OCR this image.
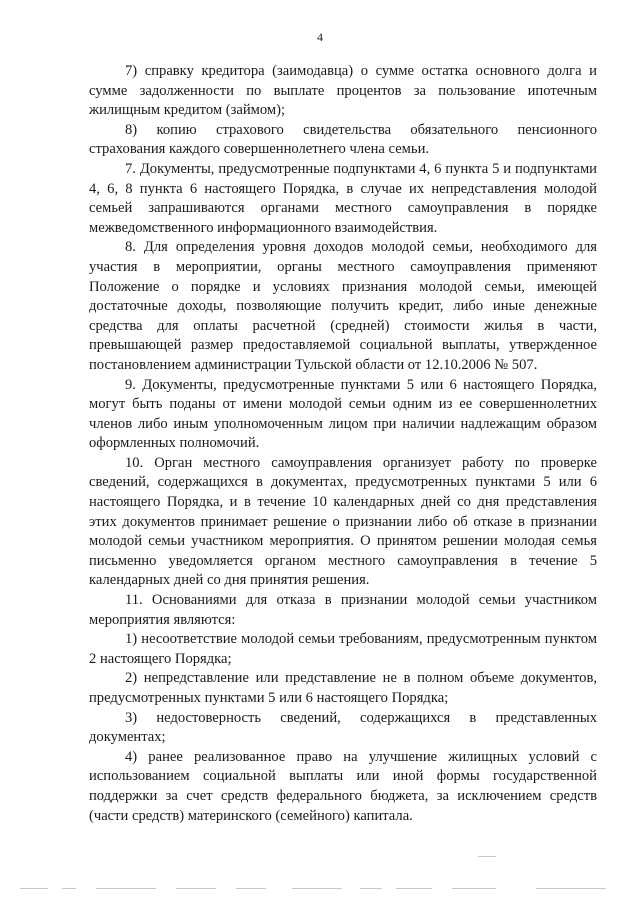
4

7) справку кредитора (заимодавца) о сумме остатка основного долга и сумме задолженности по выплате процентов за пользование ипотечным жилищным кредитом (займом);

8) копию страхового свидетельства обязательного пенсионного страхования каждого совершеннолетнего члена семьи.

7. Документы, предусмотренные подпунктами 4, 6 пункта 5 и подпунктами 4, 6, 8 пункта 6 настоящего Порядка, в случае их непредставления молодой семьей запрашиваются органами местного самоуправления в порядке межведомственного информационного взаимодействия.

8. Для определения уровня доходов молодой семьи, необходимого для участия в мероприятии, органы местного самоуправления применяют Положение о порядке и условиях признания молодой семьи, имеющей достаточные доходы, позволяющие получить кредит, либо иные денежные средства для оплаты расчетной (средней) стоимости жилья в части, превышающей размер предоставляемой социальной выплаты, утвержденное постановлением администрации Тульской области от 12.10.2006 № 507.

9. Документы, предусмотренные пунктами 5 или 6 настоящего Порядка, могут быть поданы от имени молодой семьи одним из ее совершеннолетних членов либо иным уполномоченным лицом при наличии надлежащим образом оформленных полномочий.

10. Орган местного самоуправления организует работу по проверке сведений, содержащихся в документах, предусмотренных пунктами 5 или 6 настоящего Порядка, и в течение 10 календарных дней со дня представления этих документов принимает решение о признании либо об отказе в признании молодой семьи участником мероприятия. О принятом решении молодая семья письменно уведомляется органом местного самоуправления в течение 5 календарных дней со дня принятия решения.

11. Основаниями для отказа в признании молодой семьи участником мероприятия являются:

1) несоответствие молодой семьи требованиям, предусмотренным пунктом 2 настоящего Порядка;

2) непредставление или представление не в полном объеме документов, предусмотренных пунктами 5 или 6 настоящего Порядка;

3) недостоверность сведений, содержащихся в представленных документах;

4) ранее реализованное право на улучшение жилищных условий с использованием социальной выплаты или иной формы государственной поддержки за счет средств федерального бюджета, за исключением средств (части средств) материнского (семейного) капитала.
